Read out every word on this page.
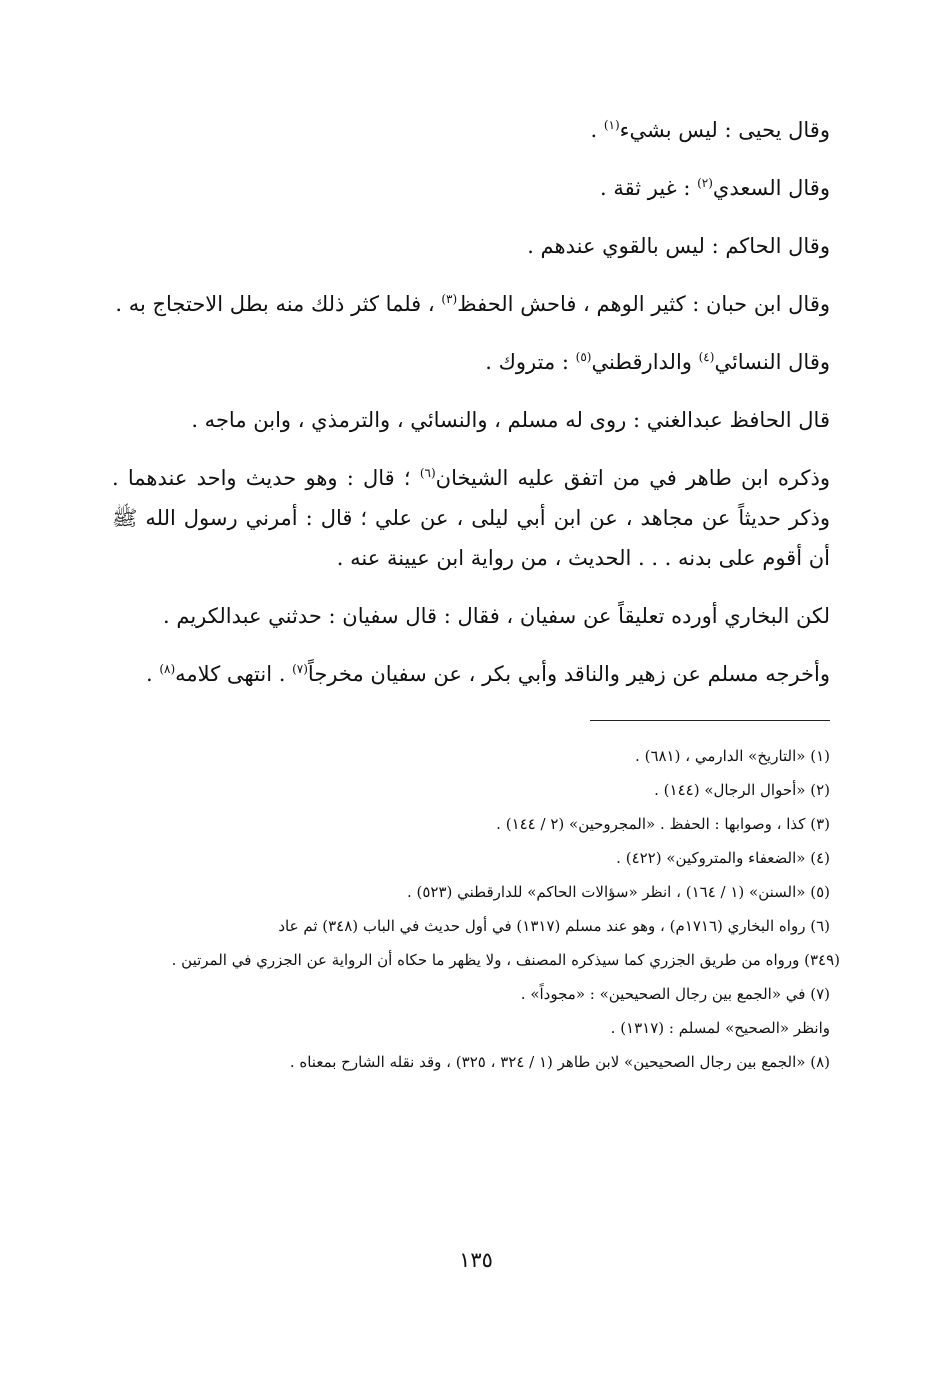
وقال يحيى : ليس بشيء$^{(١)}$ .

وقال السعدي$^{(٢)}$ : غير ثقة .

وقال الحاكم : ليس بالقوي عندهم .

وقال ابن حبان : كثير الوهم ، فاحش الحفظ$^{(٣)}$ ، فلما كثر ذلك منه بطل الاحتجاج به .

وقال النسائي$^{(٤)}$ والدارقطني$^{(٥)}$ : متروك .

قال الحافظ عبدالغني : روى له مسلم ، والنسائي ، والترمذي ، وابن ماجه .

وذكره ابن طاهر في من اتفق عليه الشيخان$^{(٦)}$ ؛ قال : وهو حديث واحد عندهما . وذكر حديثاً عن مجاهد ، عن ابن أبي ليلى ، عن علي ؛ قال : أمرني رسول الله ﷺ أن أقوم على بدنه . . . الحديث ، من رواية ابن عيينة عنه .

لكن البخاري أورده تعليقاً عن سفيان ، فقال : قال سفيان : حدثني عبدالكريم .

وأخرجه مسلم عن زهير والناقد وأبي بكر ، عن سفيان مخرجاً$^{(٧)}$ . انتهى كلامه$^{(٨)}$ .

(١) «التاريخ» الدارمي ، (٦٨١) .

(٢) «أحوال الرجال» (١٤٤) .

(٣) كذا ، وصوابها : الحفظ . «المجروحين» (٢ / ١٤٤) .

(٤) «الضعفاء والمتروكين» (٤٢٢) .

(٥) «السنن» (١ / ١٦٤) ، انظر «سؤالات الحاكم» للدارقطني (٥٢٣) .

(٦) رواه البخاري (١٧١٦م) ، وهو عند مسلم (١٣١٧) في أول حديث في الباب (٣٤٨) ثم عاد

(٣٤٩) ورواه من طريق الجزري كما سيذكره المصنف ، ولا يظهر ما حكاه أن الرواية عن الجزري في المرتين .

(٧) في «الجمع بين رجال الصحيحين» : «مجوداً» .

وانظر «الصحيح» لمسلم : (١٣١٧) .

(٨) «الجمع بين رجال الصحيحين» لابن طاهر (١ / ٣٢٤ ، ٣٢٥) ، وقد نقله الشارح بمعناه .

١٣٥
